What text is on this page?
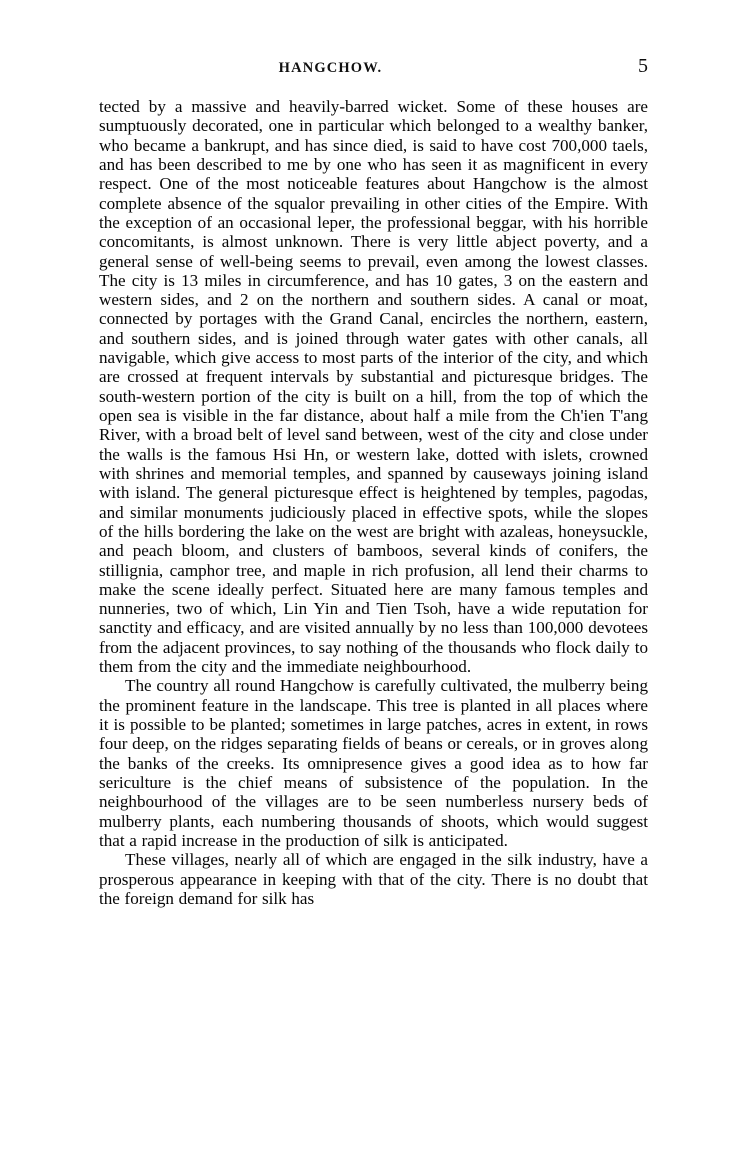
HANGCHOW.	5

tected by a massive and heavily-barred wicket. Some of these houses are sumptuously decorated, one in particular which belonged to a wealthy banker, who became a bankrupt, and has since died, is said to have cost 700,000 taels, and has been described to me by one who has seen it as magnificent in every respect. One of the most noticeable features about Hangchow is the almost complete absence of the squalor prevailing in other cities of the Empire. With the exception of an occasional leper, the professional beggar, with his horrible concomitants, is almost unknown. There is very little abject poverty, and a general sense of well-being seems to prevail, even among the lowest classes. The city is 13 miles in circumference, and has 10 gates, 3 on the eastern and western sides, and 2 on the northern and southern sides. A canal or moat, connected by portages with the Grand Canal, encircles the northern, eastern, and southern sides, and is joined through water gates with other canals, all navigable, which give access to most parts of the interior of the city, and which are crossed at frequent intervals by substantial and picturesque bridges. The south-western portion of the city is built on a hill, from the top of which the open sea is visible in the far distance, about half a mile from the Ch'ien T'ang River, with a broad belt of level sand between, west of the city and close under the walls is the famous Hsi Hn, or western lake, dotted with islets, crowned with shrines and memorial temples, and spanned by causeways joining island with island. The general picturesque effect is heightened by temples, pagodas, and similar monuments judiciously placed in effective spots, while the slopes of the hills bordering the lake on the west are bright with azaleas, honeysuckle, and peach bloom, and clusters of bamboos, several kinds of conifers, the stillignia, camphor tree, and maple in rich profusion, all lend their charms to make the scene ideally perfect. Situated here are many famous temples and nunneries, two of which, Lin Yin and Tien Tsoh, have a wide reputation for sanctity and efficacy, and are visited annually by no less than 100,000 devotees from the adjacent provinces, to say nothing of the thousands who flock daily to them from the city and the immediate neighbourhood.

The country all round Hangchow is carefully cultivated, the mulberry being the prominent feature in the landscape. This tree is planted in all places where it is possible to be planted; sometimes in large patches, acres in extent, in rows four deep, on the ridges separating fields of beans or cereals, or in groves along the banks of the creeks. Its omnipresence gives a good idea as to how far sericulture is the chief means of subsistence of the population. In the neighbourhood of the villages are to be seen numberless nursery beds of mulberry plants, each numbering thousands of shoots, which would suggest that a rapid increase in the production of silk is anticipated.

These villages, nearly all of which are engaged in the silk industry, have a prosperous appearance in keeping with that of the city. There is no doubt that the foreign demand for silk has
